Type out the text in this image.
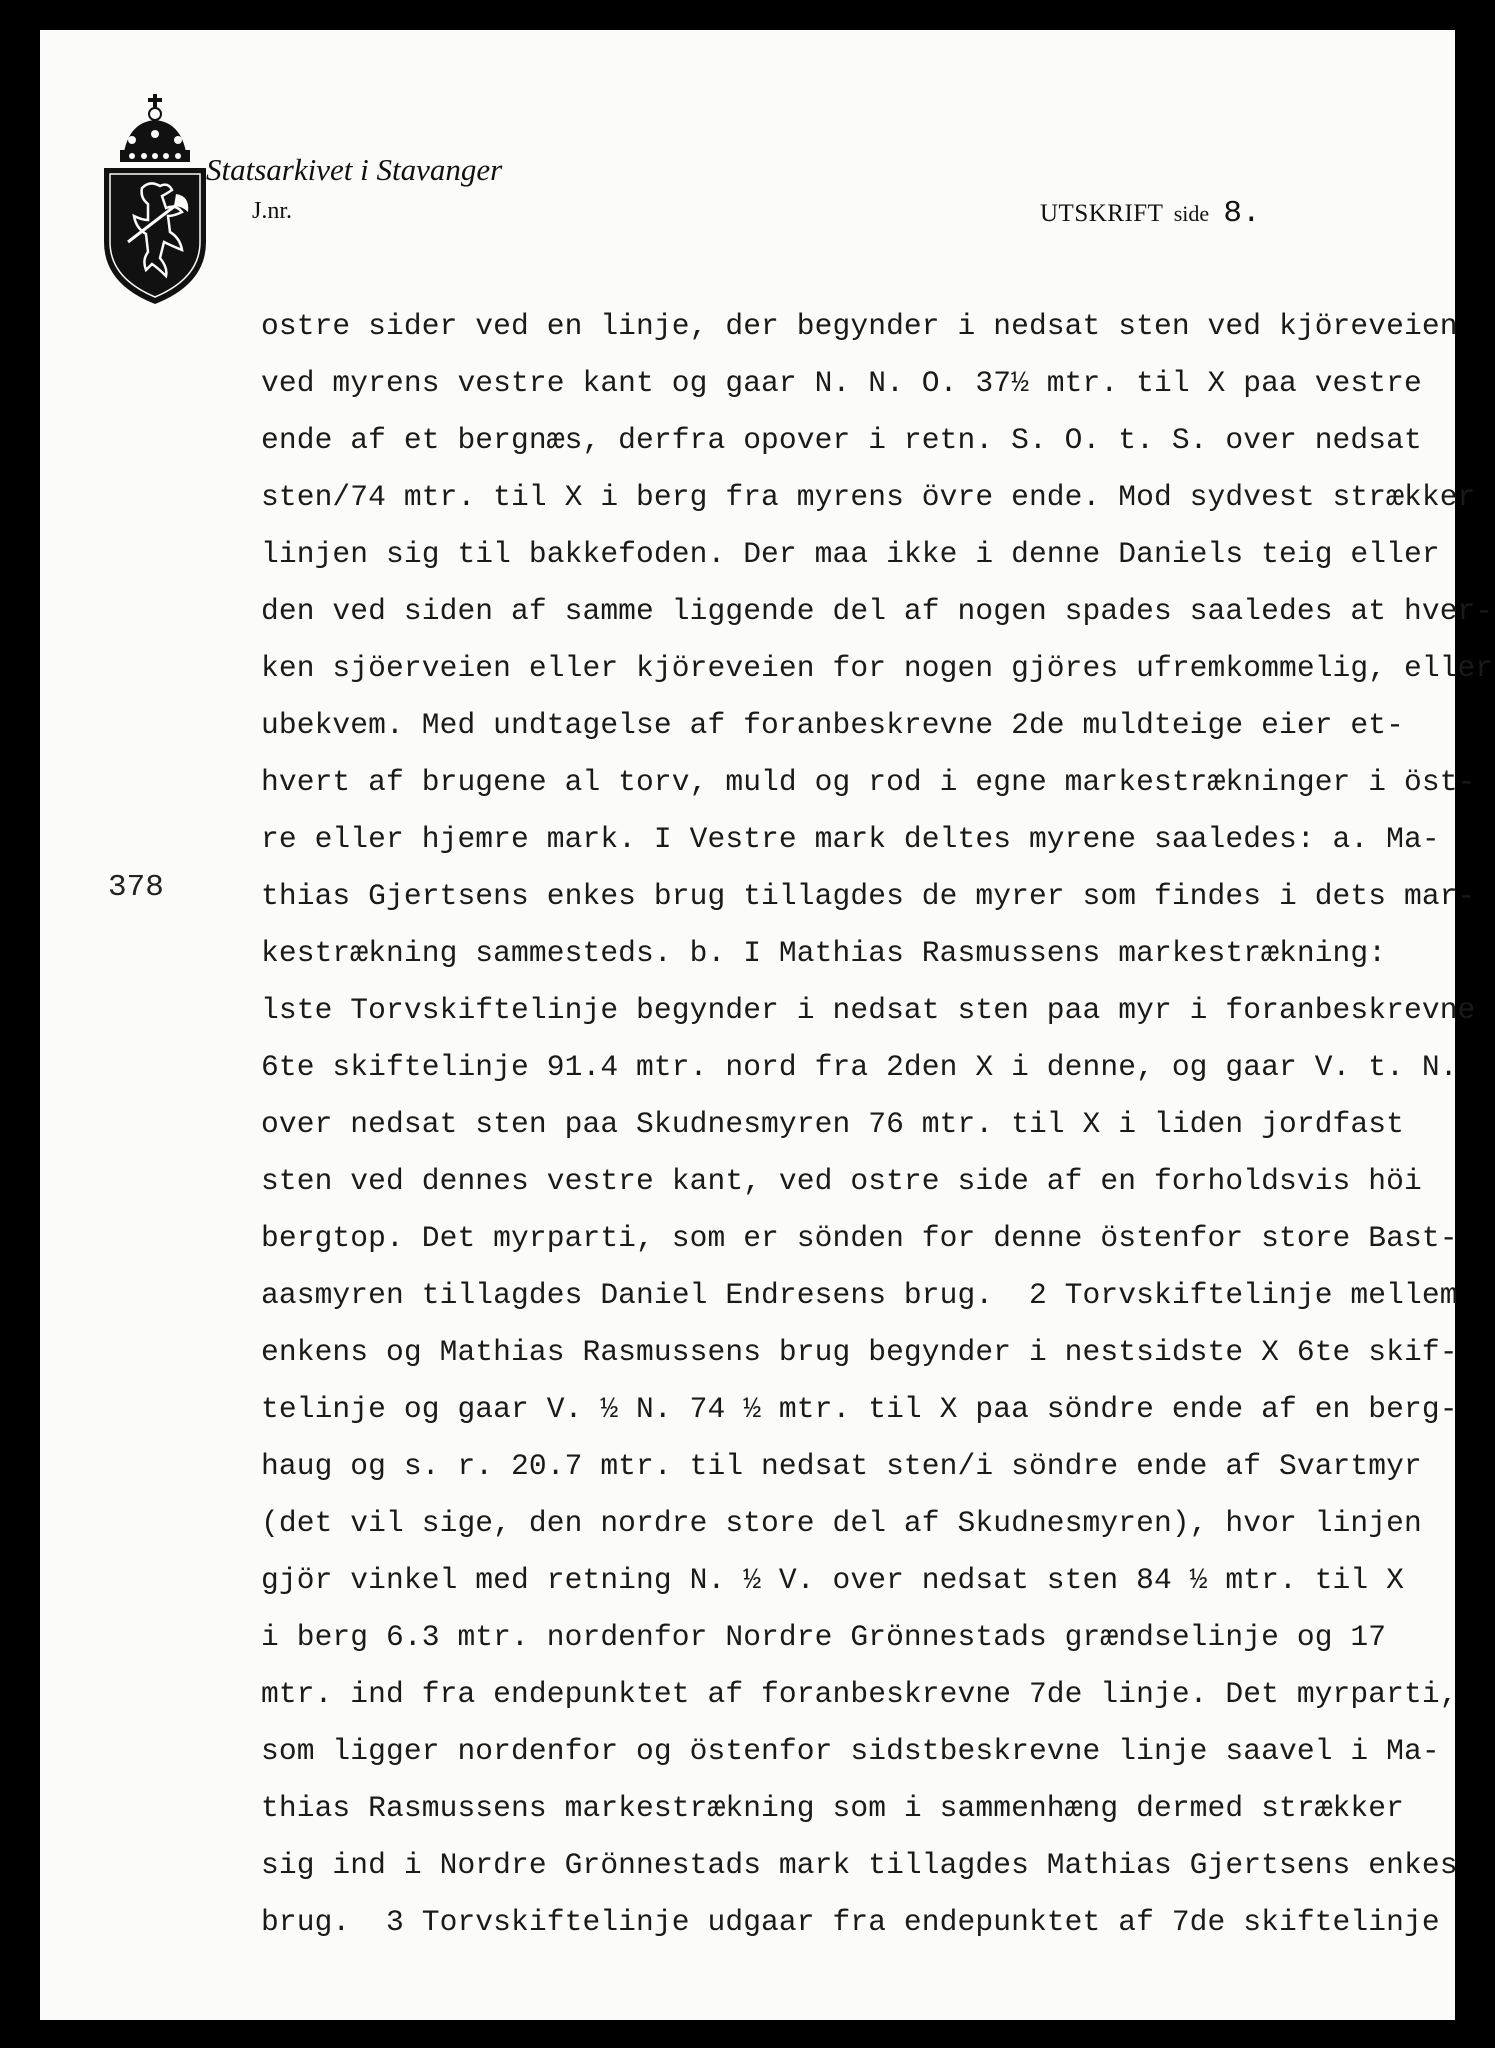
Statsarkivet i Stavanger
J.nr.	UTSKRIFT side 8.
378
ostre sider ved en linje, der begynder i nedsat sten ved kjöreveien
ved myrens vestre kant og gaar N. N. O. 37½ mtr. til X paa vestre
ende af et bergnæs, derfra opover i retn. S. O. t. S. over nedsat
sten/74 mtr. til X i berg fra myrens övre ende. Mod sydvest strækker
linjen sig til bakkefoden. Der maa ikke i denne Daniels teig eller
den ved siden af samme liggende del af nogen spades saaledes at hver-
ken sjöerveien eller kjöreveien for nogen gjöres ufremkommelig, eller
ubekvem. Med undtagelse af foranbeskrevne 2de muldteige eier et-
hvert af brugene al torv, muld og rod i egne markestrækninger i öst-
re eller hjemre mark. I Vestre mark deltes myrene saaledes: a. Ma-
thias Gjertsens enkes brug tillagdes de myrer som findes i dets mar-
kestrækning sammesteds. b. I Mathias Rasmussens markestrækning:
lste Torvskiftelinje begynder i nedsat sten paa myr i foranbeskrevne
6te skiftelinje 91.4 mtr. nord fra 2den X i denne, og gaar V. t. N.
over nedsat sten paa Skudnesmyren 76 mtr. til X i liden jordfast
sten ved dennes vestre kant, ved ostre side af en forholdsvis höi
bergtop. Det myrparti, som er sönden for denne östenfor store Bast-
aasmyren tillagdes Daniel Endresens brug.  2 Torvskiftelinje mellem
enkens og Mathias Rasmussens brug begynder i nestsidste X 6te skif-
telinje og gaar V. ½ N. 74 ½ mtr. til X paa söndre ende af en berg-
haug og s. r. 20.7 mtr. til nedsat sten/i söndre ende af Svartmyr
(det vil sige, den nordre store del af Skudnesmyren), hvor linjen
gjör vinkel med retning N. ½ V. over nedsat sten 84 ½ mtr. til X
i berg 6.3 mtr. nordenfor Nordre Grönnestads grændselinje og 17
mtr. ind fra endepunktet af foranbeskrevne 7de linje. Det myrparti,
som ligger nordenfor og östenfor sidstbeskrevne linje saavel i Ma-
thias Rasmussens markestrækning som i sammenhæng dermed strækker
sig ind i Nordre Grönnestads mark tillagdes Mathias Gjertsens enkes
brug.  3 Torvskiftelinje udgaar fra endepunktet af 7de skiftelinje
